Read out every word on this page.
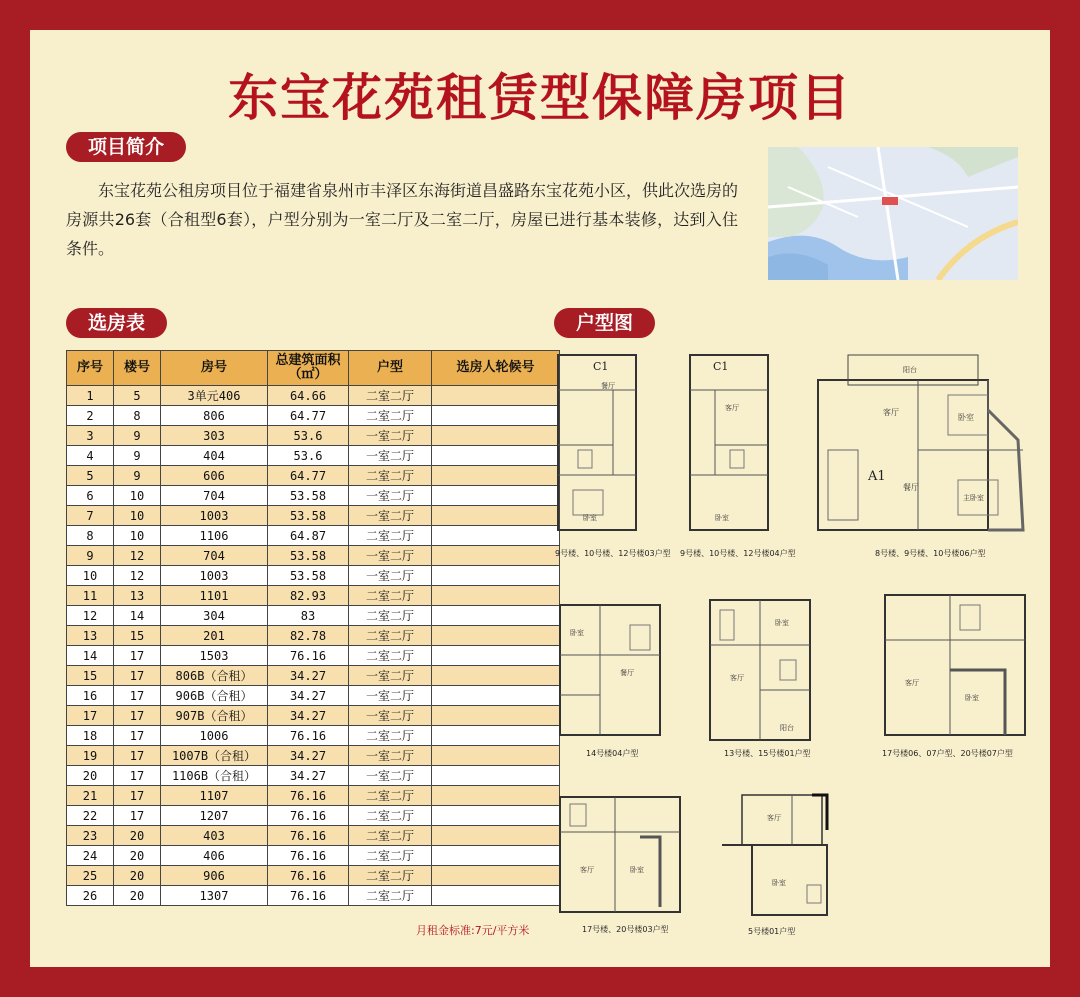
东宝花苑租赁型保障房项目
项目简介
东宝花苑公租房项目位于福建省泉州市丰泽区东海街道昌盛路东宝花苑小区，供此次选房的房源共26套（合租型6套），户型分别为一室二厅及二室二厅，房屋已进行基本装修，达到入住条件。
选房表
序号	楼号	房号	总建筑面积（㎡）	户型	选房人轮候号
1	5	3单元406	64.66	二室二厅	
2	8	806	64.77	二室二厅	
3	9	303	53.6	一室二厅	
4	9	404	53.6	一室二厅	
5	9	606	64.77	二室二厅	
6	10	704	53.58	一室二厅	
7	10	1003	53.58	一室二厅	
8	10	1106	64.87	二室二厅	
9	12	704	53.58	一室二厅	
10	12	1003	53.58	一室二厅	
11	13	1101	82.93	二室二厅	
12	14	304	83	二室二厅	
13	15	201	82.78	二室二厅	
14	17	1503	76.16	二室二厅	
15	17	806B（合租）	34.27	一室二厅	
16	17	906B（合租）	34.27	一室二厅	
17	17	907B（合租）	34.27	一室二厅	
18	17	1006	76.16	二室二厅	
19	17	1007B（合租）	34.27	一室二厅	
20	17	1106B（合租）	34.27	一室二厅	
21	17	1107	76.16	二室二厅	
22	17	1207	76.16	二室二厅	
23	20	403	76.16	二室二厅	
24	20	406	76.16	二室二厅	
25	20	906	76.16	二室二厅	
26	20	1307	76.16	二室二厅	
月租金标准:7元/平方米
户型图
C1
餐厅
卧室
9号楼、10号楼、12号楼03户型
C1
客厅
卧室
9号楼、10号楼、12号楼04户型
阳台
客厅
卧室
主卧室
餐厅
A1
8号楼、9号楼、10号楼06户型
卧室
餐厅
14号楼04户型
卧室
客厅
阳台
13号楼、15号楼01户型
客厅
卧室
17号楼06、07户型、20号楼07户型
客厅	卧室
17号楼、20号楼03户型
客厅
卧室
5号楼01户型
